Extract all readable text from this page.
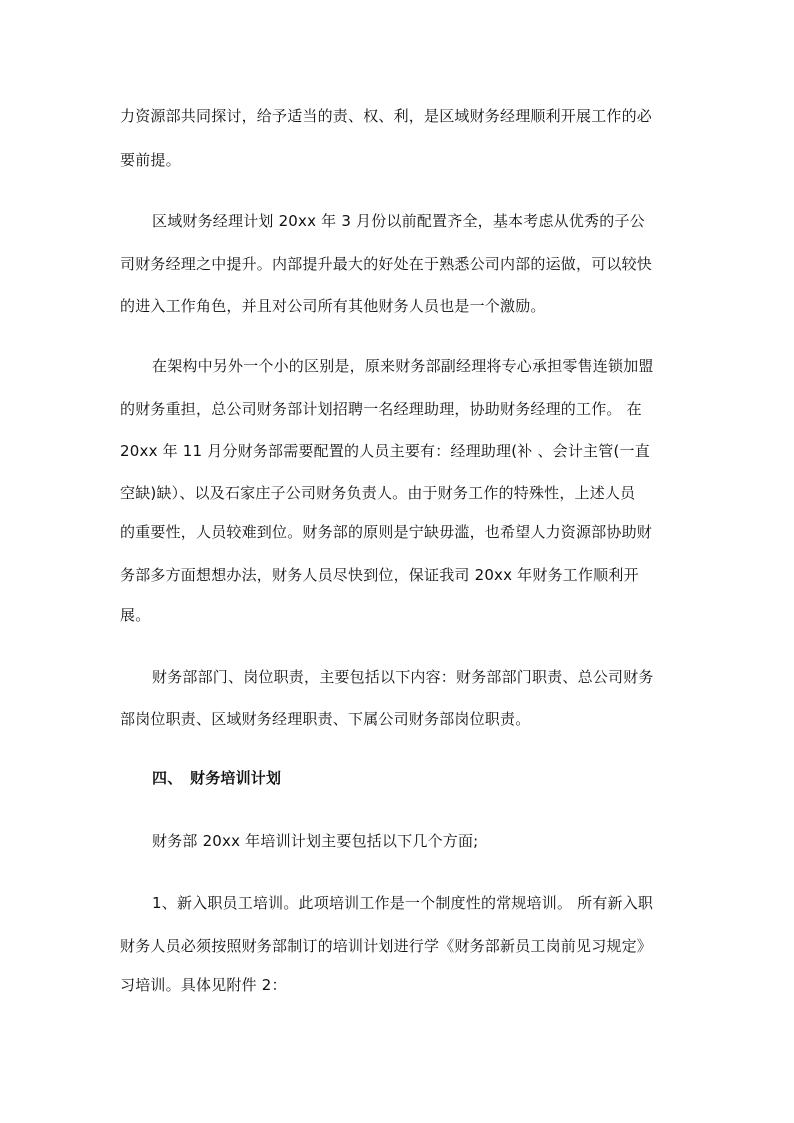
力资源部共同探讨，给予适当的责、权、利，是区域财务经理顺利开展工作的必
要前提。
区域财务经理计划 20xx 年 3 月份以前配置齐全，基本考虑从优秀的子公
司财务经理之中提升。内部提升最大的好处在于熟悉公司内部的运做，可以较快
的进入工作角色，并且对公司所有其他财务人员也是一个激励。
在架构中另外一个小的区别是，原来财务部副经理将专心承担零售连锁加盟
的财务重担，总公司财务部计划招聘一名经理助理，协助财务经理的工作。 在
20xx 年 11 月分财务部需要配置的人员主要有：经理助理(补 、会计主管(一直
空缺)缺）、以及石家庄子公司财务负责人。由于财务工作的特殊性，上述人员
的重要性，人员较难到位。财务部的原则是宁缺毋滥，也希望人力资源部协助财
务部多方面想想办法，财务人员尽快到位，保证我司 20xx 年财务工作顺利开
展。
财务部部门、岗位职责，主要包括以下内容：财务部部门职责、总公司财务
部岗位职责、区域财务经理职责、下属公司财务部岗位职责。
四、 财务培训计划
财务部 20xx 年培训计划主要包括以下几个方面;
1、新入职员工培训。此项培训工作是一个制度性的常规培训。 所有新入职
财务人员必须按照财务部制订的培训计划进行学《财务部新员工岗前见习规定》
习培训。具体见附件 2：
